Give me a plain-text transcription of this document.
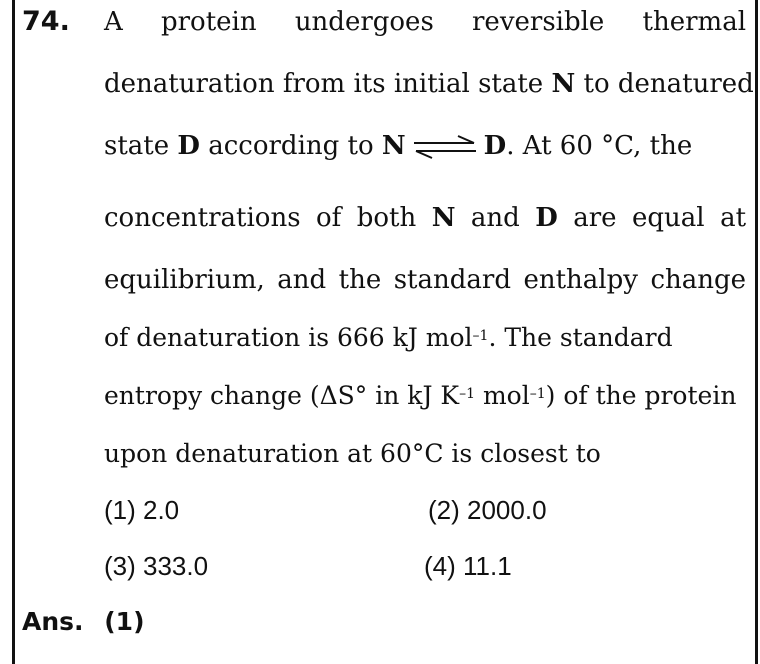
74. A protein undergoes reversible thermal
denaturation from its initial state N to denatured
state D according to N ⇌ D. At 60 °C, the
concentrations of both N and D are equal at
equilibrium, and the standard enthalpy change
of denaturation is 666 kJ mol$^{-1}$. The standard
entropy change (ΔS° in kJ $K^{-1}$ mol$^{-1}$) of the protein
upon denaturation at 60°C is closest to
(1) 2.0	(2) 2000.0
(3) 333.0	(4) 11.1
Ans. (1)
